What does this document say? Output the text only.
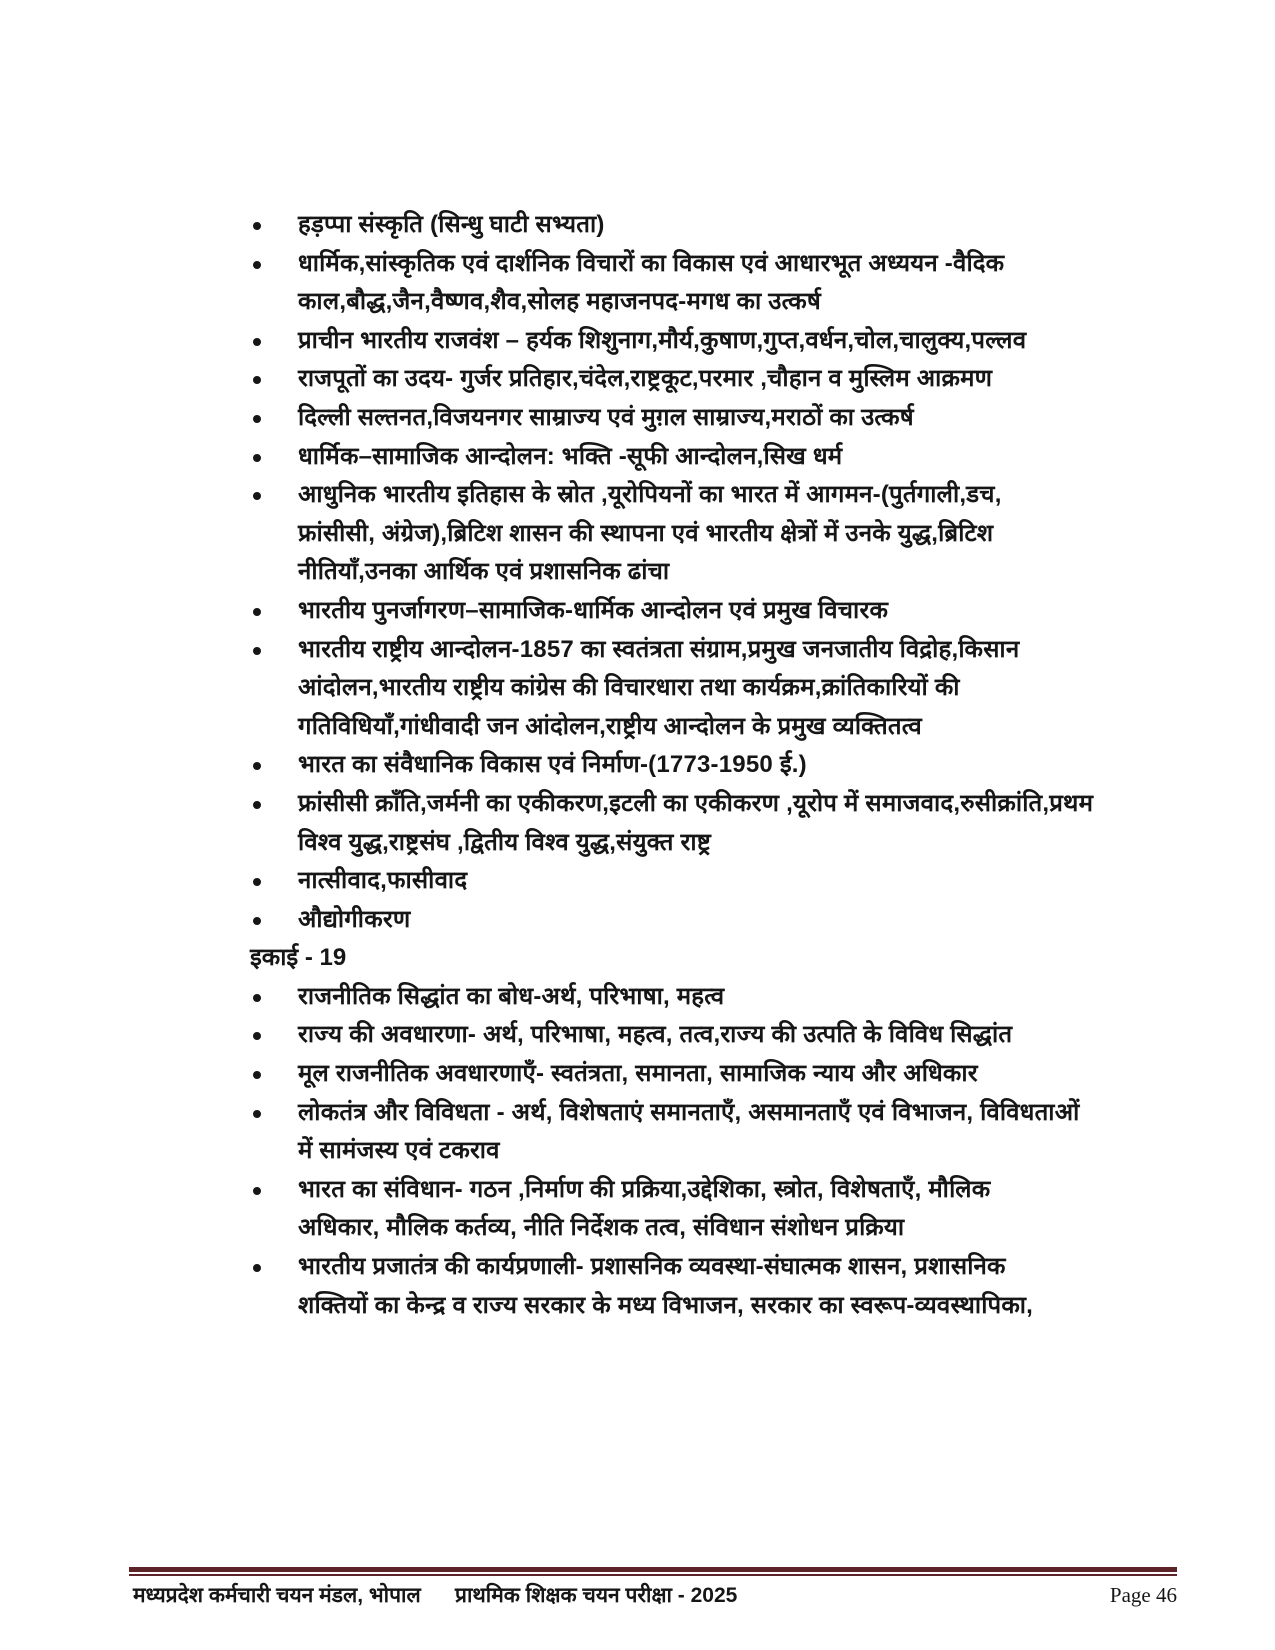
हड़प्पा संस्कृति (सिन्धु घाटी सभ्यता)
धार्मिक,सांस्कृतिक एवं दार्शनिक विचारों का विकास एवं आधारभूत अध्ययन -वैदिक
काल,बौद्ध,जैन,वैष्णव,शैव,सोलह महाजनपद-मगध का उत्कर्ष
प्राचीन भारतीय राजवंश – हर्यक शिशुनाग,मौर्य,कुषाण,गुप्त,वर्धन,चोल,चालुक्य,पल्लव
राजपूतों का उदय- गुर्जर प्रतिहार,चंदेल,राष्ट्रकूट,परमार ,चौहान व मुस्लिम आक्रमण
दिल्ली सल्तनत,विजयनगर साम्राज्य एवं मुग़ल साम्राज्य,मराठों का उत्कर्ष
धार्मिक–सामाजिक आन्दोलन: भक्ति -सूफी आन्दोलन,सिख धर्म
आधुनिक भारतीय इतिहास के स्रोत ,यूरोपियनों का भारत में आगमन-(पुर्तगाली,डच,
फ्रांसीसी, अंग्रेज),ब्रिटिश शासन की स्थापना एवं भारतीय क्षेत्रों में उनके युद्ध,ब्रिटिश
नीतियाँ,उनका आर्थिक एवं प्रशासनिक ढांचा
भारतीय पुनर्जागरण–सामाजिक-धार्मिक आन्दोलन एवं प्रमुख विचारक
भारतीय राष्ट्रीय आन्दोलन-1857 का स्वतंत्रता संग्राम,प्रमुख जनजातीय विद्रोह,किसान
आंदोलन,भारतीय राष्ट्रीय कांग्रेस की विचारधारा तथा कार्यक्रम,क्रांतिकारियों की
गतिविधियाँ,गांधीवादी जन आंदोलन,राष्ट्रीय आन्दोलन के प्रमुख व्यक्तितत्व
भारत का संवैधानिक विकास एवं निर्माण-(1773-1950 ई.)
फ्रांसीसी क्राँति,जर्मनी का एकीकरण,इटली का एकीकरण ,यूरोप में समाजवाद,रुसीक्रांति,प्रथम
विश्व युद्ध,राष्ट्रसंघ ,द्वितीय विश्व युद्ध,संयुक्त राष्ट्र
नात्सीवाद,फासीवाद
औद्योगीकरण
इकाई - 19
राजनीतिक सिद्धांत का बोध-अर्थ, परिभाषा, महत्व
राज्य की अवधारणा- अर्थ, परिभाषा, महत्व, तत्व,राज्य की उत्पति के विविध सिद्धांत
मूल राजनीतिक अवधारणाएँ- स्वतंत्रता, समानता, सामाजिक न्याय और अधिकार
लोकतंत्र और विविधता - अर्थ, विशेषताएं समानताएँ, असमानताएँ एवं विभाजन, विविधताओं
में सामंजस्य एवं टकराव
भारत का संविधान- गठन ,निर्माण की प्रक्रिया,उद्देशिका, स्त्रोत, विशेषताएँ, मौलिक
अधिकार, मौलिक कर्तव्य, नीति निर्देशक तत्व, संविधान संशोधन प्रक्रिया
भारतीय प्रजातंत्र की कार्यप्रणाली- प्रशासनिक व्यवस्था-संघात्मक शासन, प्रशासनिक
शक्तियों का केन्द्र व राज्य सरकार के मध्य विभाजन, सरकार का स्वरूप-व्यवस्थापिका,
मध्यप्रदेश कर्मचारी चयन मंडल, भोपाल प्राथमिक शिक्षक चयन परीक्षा - 2025	Page 46
